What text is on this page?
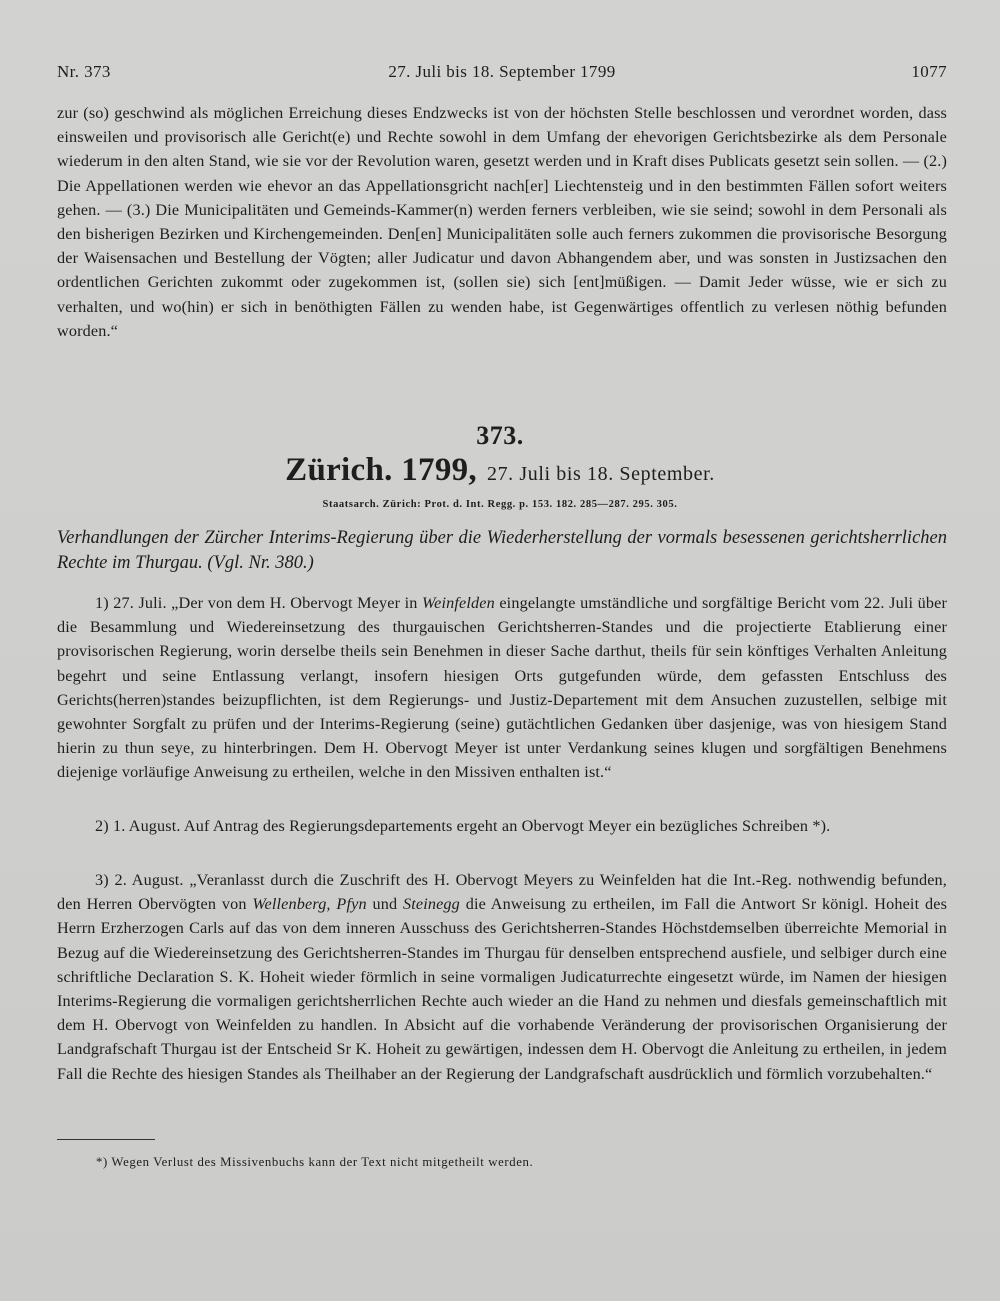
Nr. 373	27. Juli bis 18. September 1799	1077
zur (so) geschwind als möglichen Erreichung dieses Endzwecks ist von der höchsten Stelle beschlossen und verordnet worden, dass einsweilen und provisorisch alle Gericht(e) und Rechte sowohl in dem Umfang der ehevorigen Gerichtsbezirke als dem Personale wiederum in den alten Stand, wie sie vor der Revolution waren, gesetzt werden und in Kraft dises Publicats gesetzt sein sollen. — (2.) Die Appellationen werden wie ehevor an das Appellationsgricht nach[er] Liechtensteig und in den bestimmten Fällen sofort weiters gehen. — (3.) Die Municipalitäten und Gemeinds-Kammer(n) werden ferners verbleiben, wie sie seind; sowohl in dem Personali als den bisherigen Bezirken und Kirchengemeinden. Den[en] Municipalitäten solle auch ferners zukommen die provisorische Besorgung der Waisensachen und Bestellung der Vögten; aller Judicatur und davon Abhangendem aber, und was sonsten in Justizsachen den ordentlichen Gerichten zukommt oder zugekommen ist, (sollen sie) sich [ent]müßigen. — Damit Jeder wüsse, wie er sich zu verhalten, und wo(hin) er sich in benöthigten Fällen zu wenden habe, ist Gegenwärtiges offentlich zu verlesen nöthig befunden worden.“
373.
Zürich. 1799, 27. Juli bis 18. September.
Staatsarch. Zürich: Prot. d. Int. Regg. p. 153. 182. 285—287. 295. 305.
Verhandlungen der Zürcher Interims-Regierung über die Wiederherstellung der vormals besessenen gerichtsherrlichen Rechte im Thurgau. (Vgl. Nr. 380.)
1) 27. Juli. „Der von dem H. Obervogt Meyer in Weinfelden eingelangte umständliche und sorgfältige Bericht vom 22. Juli über die Besammlung und Wiedereinsetzung des thurgauischen Gerichtsherren-Standes und die projectierte Etablierung einer provisorischen Regierung, worin derselbe theils sein Benehmen in dieser Sache darthut, theils für sein könftiges Verhalten Anleitung begehrt und seine Entlassung verlangt, insofern hiesigen Orts gutgefunden würde, dem gefassten Entschluss des Gerichts(herren)standes beizupflichten, ist dem Regierungs- und Justiz-Departement mit dem Ansuchen zuzustellen, selbige mit gewohnter Sorgfalt zu prüfen und der Interims-Regierung (seine) gutächtlichen Gedanken über dasjenige, was von hiesigem Stand hierin zu thun seye, zu hinterbringen. Dem H. Obervogt Meyer ist unter Verdankung seines klugen und sorgfältigen Benehmens diejenige vorläufige Anweisung zu ertheilen, welche in den Missiven enthalten ist.“
2) 1. August. Auf Antrag des Regierungsdepartements ergeht an Obervogt Meyer ein bezügliches Schreiben *).
3) 2. August. „Veranlasst durch die Zuschrift des H. Obervogt Meyers zu Weinfelden hat die Int.-Reg. nothwendig befunden, den Herren Obervögten von Wellenberg, Pfyn und Steinegg die Anweisung zu ertheilen, im Fall die Antwort Sr königl. Hoheit des Herrn Erzherzogen Carls auf das von dem inneren Ausschuss des Gerichtsherren-Standes Höchstdemselben überreichte Memorial in Bezug auf die Wiedereinsetzung des Gerichtsherren-Standes im Thurgau für denselben entsprechend ausfiele, und selbiger durch eine schriftliche Declaration S. K. Hoheit wieder förmlich in seine vormaligen Judicaturrechte eingesetzt würde, im Namen der hiesigen Interims-Regierung die vormaligen gerichtsherrlichen Rechte auch wieder an die Hand zu nehmen und diesfals gemeinschaftlich mit dem H. Obervogt von Weinfelden zu handlen. In Absicht auf die vorhabende Veränderung der provisorischen Organisierung der Landgrafschaft Thurgau ist der Entscheid Sr K. Hoheit zu gewärtigen, indessen dem H. Obervogt die Anleitung zu ertheilen, in jedem Fall die Rechte des hiesigen Standes als Theilhaber an der Regierung der Landgrafschaft ausdrücklich und förmlich vorzubehalten.“
*) Wegen Verlust des Missivenbuchs kann der Text nicht mitgetheilt werden.
